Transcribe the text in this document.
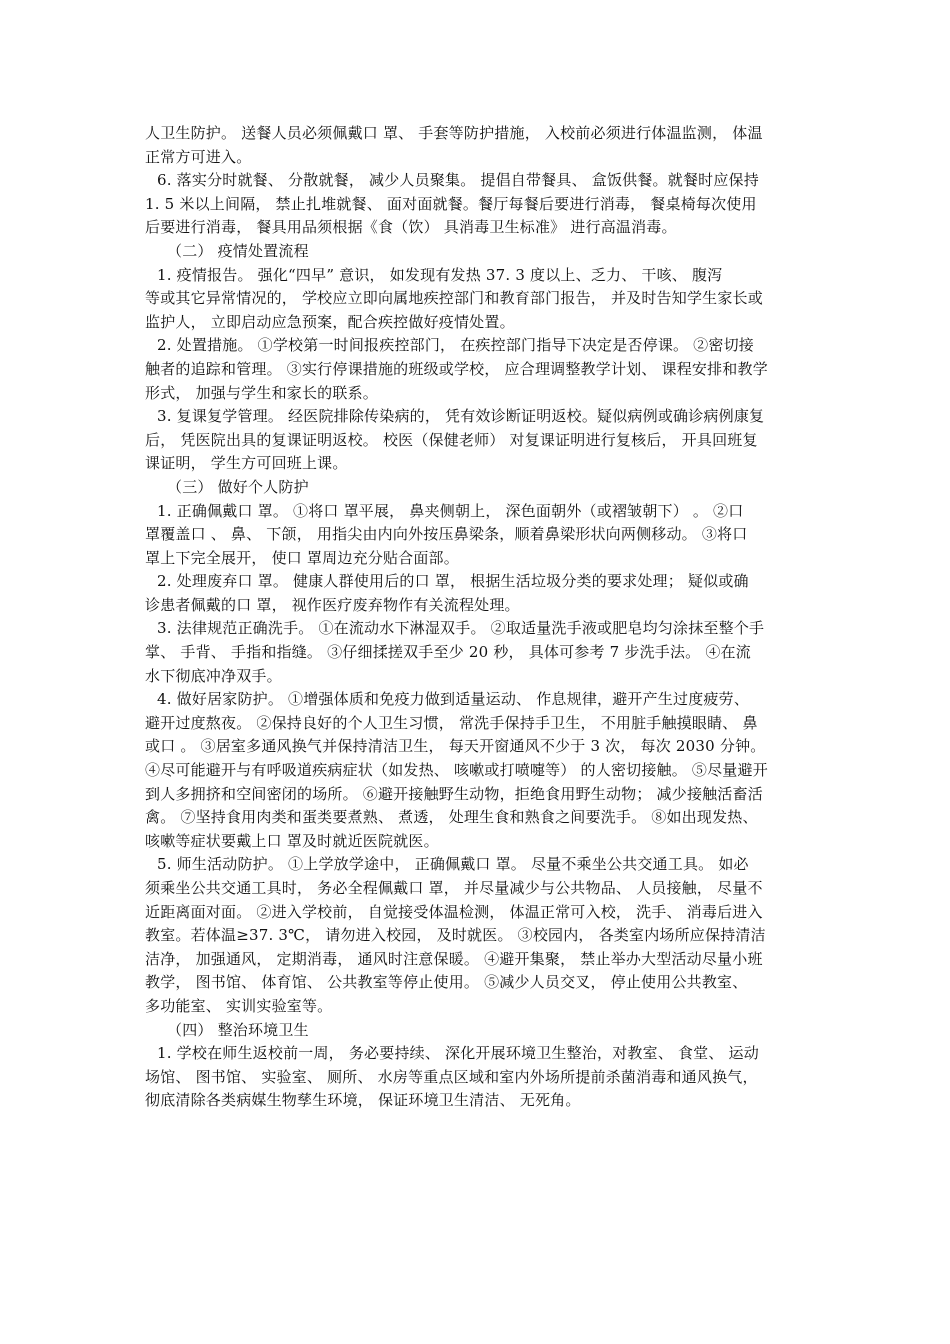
人卫生防护。 送餐人员必须佩戴口 罩、 手套等防护措施， 入校前必须进行体温监测， 体温
正常方可进入。
6. 落实分时就餐、 分散就餐， 减少人员聚集。 提倡自带餐具、 盒饭供餐。就餐时应保持
1. 5 米以上间隔， 禁止扎堆就餐、 面对面就餐。餐厅每餐后要进行消毒， 餐桌椅每次使用
后要进行消毒， 餐具用品须根据《食（饮） 具消毒卫生标准》 进行高温消毒。
（二） 疫情处置流程
1. 疫情报告。 强化“四早” 意识， 如发现有发热 37. 3 度以上、乏力、 干咳、 腹泻
等或其它异常情况的， 学校应立即向属地疾控部门和教育部门报告， 并及时告知学生家长或
监护人， 立即启动应急预案，配合疾控做好疫情处置。
2. 处置措施。 ①学校第一时间报疾控部门， 在疾控部门指导下决定是否停课。 ②密切接
触者的追踪和管理。 ③实行停课措施的班级或学校， 应合理调整教学计划、 课程安排和教学
形式， 加强与学生和家长的联系。
3. 复课复学管理。 经医院排除传染病的， 凭有效诊断证明返校。疑似病例或确诊病例康复
后， 凭医院出具的复课证明返校。 校医（保健老师） 对复课证明进行复核后， 开具回班复
课证明， 学生方可回班上课。
（三） 做好个人防护
1. 正确佩戴口 罩。 ①将口 罩平展， 鼻夹侧朝上， 深色面朝外（或褶皱朝下） 。 ②口
罩覆盖口 、 鼻、 下颌， 用指尖由内向外按压鼻梁条，顺着鼻梁形状向两侧移动。 ③将口
罩上下完全展开， 使口 罩周边充分贴合面部。
2. 处理废弃口 罩。 健康人群使用后的口 罩， 根据生活垃圾分类的要求处理； 疑似或确
诊患者佩戴的口 罩， 视作医疗废弃物作有关流程处理。
3. 法律规范正确洗手。 ①在流动水下淋湿双手。 ②取适量洗手液或肥皂均匀涂抹至整个手
掌、 手背、 手指和指缝。 ③仔细揉搓双手至少 20 秒， 具体可参考 7 步洗手法。 ④在流
水下彻底冲净双手。
4. 做好居家防护。 ①增强体质和免疫力做到适量运动、 作息规律，避开产生过度疲劳、
避开过度熬夜。 ②保持良好的个人卫生习惯， 常洗手保持手卫生， 不用脏手触摸眼睛、 鼻
或口 。 ③居室多通风换气并保持清洁卫生， 每天开窗通风不少于 3 次， 每次 2030 分钟。
④尽可能避开与有呼吸道疾病症状（如发热、 咳嗽或打喷嚏等） 的人密切接触。 ⑤尽量避开
到人多拥挤和空间密闭的场所。 ⑥避开接触野生动物，拒绝食用野生动物； 减少接触活畜活
禽。 ⑦坚持食用肉类和蛋类要煮熟、 煮透， 处理生食和熟食之间要洗手。 ⑧如出现发热、
咳嗽等症状要戴上口 罩及时就近医院就医。
5. 师生活动防护。 ①上学放学途中， 正确佩戴口 罩。 尽量不乘坐公共交通工具。 如必
须乘坐公共交通工具时， 务必全程佩戴口 罩， 并尽量减少与公共物品、 人员接触， 尽量不
近距离面对面。 ②进入学校前， 自觉接受体温检测， 体温正常可入校， 洗手、 消毒后进入
教室。若体温≥37. 3℃， 请勿进入校园， 及时就医。 ③校园内， 各类室内场所应保持清洁
洁净， 加强通风， 定期消毒， 通风时注意保暖。 ④避开集聚， 禁止举办大型活动尽量小班
教学， 图书馆、 体育馆、 公共教室等停止使用。 ⑤减少人员交叉， 停止使用公共教室、
多功能室、 实训实验室等。
（四） 整治环境卫生
1. 学校在师生返校前一周， 务必要持续、 深化开展环境卫生整治，对教室、 食堂、 运动
场馆、 图书馆、 实验室、 厕所、 水房等重点区域和室内外场所提前杀菌消毒和通风换气，
彻底清除各类病媒生物孳生环境， 保证环境卫生清洁、 无死角。
